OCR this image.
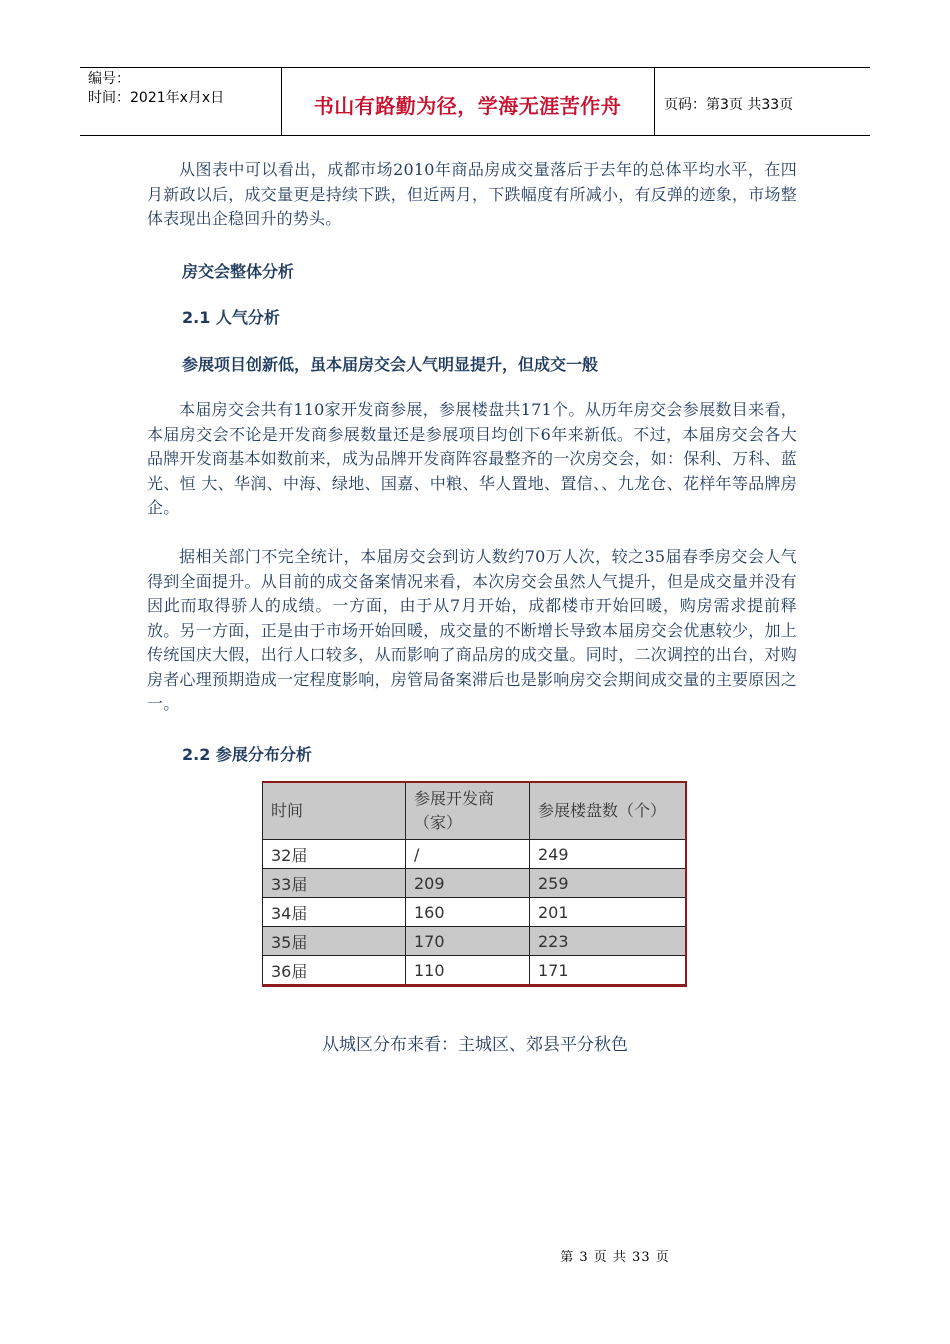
编号：
时间：2021年x月x日	书山有路勤为径，学海无涯苦作舟	页码：第3页 共33页
从图表中可以看出，成都市场2010年商品房成交量落后于去年的总体平均水平，在四月新政以后，成交量更是持续下跌，但近两月，下跌幅度有所减小，有反弹的迹象，市场整体表现出企稳回升的势头。
房交会整体分析
2.1 人气分析
参展项目创新低，虽本届房交会人气明显提升，但成交一般
本届房交会共有110家开发商参展，参展楼盘共171个。从历年房交会参展数目来看，本届房交会不论是开发商参展数量还是参展项目均创下6年来新低。不过，本届房交会各大品牌开发商基本如数前来，成为品牌开发商阵容最整齐的一次房交会，如：保利、万科、蓝光、恒 大、华润、中海、绿地、国嘉、中粮、华人置地、置信、、九龙仓、花样年等品牌房企。
据相关部门不完全统计，本届房交会到访人数约70万人次，较之35届春季房交会人气得到全面提升。从目前的成交备案情况来看，本次房交会虽然人气提升，但是成交量并没有因此而取得骄人的成绩。一方面，由于从7月开始，成都楼市开始回暖，购房需求提前释放。另一方面，正是由于市场开始回暖，成交量的不断增长导致本届房交会优惠较少，加上传统国庆大假，出行人口较多，从而影响了商品房的成交量。同时，二次调控的出台，对购房者心理预期造成一定程度影响，房管局备案滞后也是影响房交会期间成交量的主要原因之一。
2.2 参展分布分析
时间	参展开发商（家）	参展楼盘数（个）
32届	/	249
33届	209	259
34届	160	201
35届	170	223
36届	110	171
从城区分布来看：主城区、郊县平分秋色
第 3 页 共 33 页
